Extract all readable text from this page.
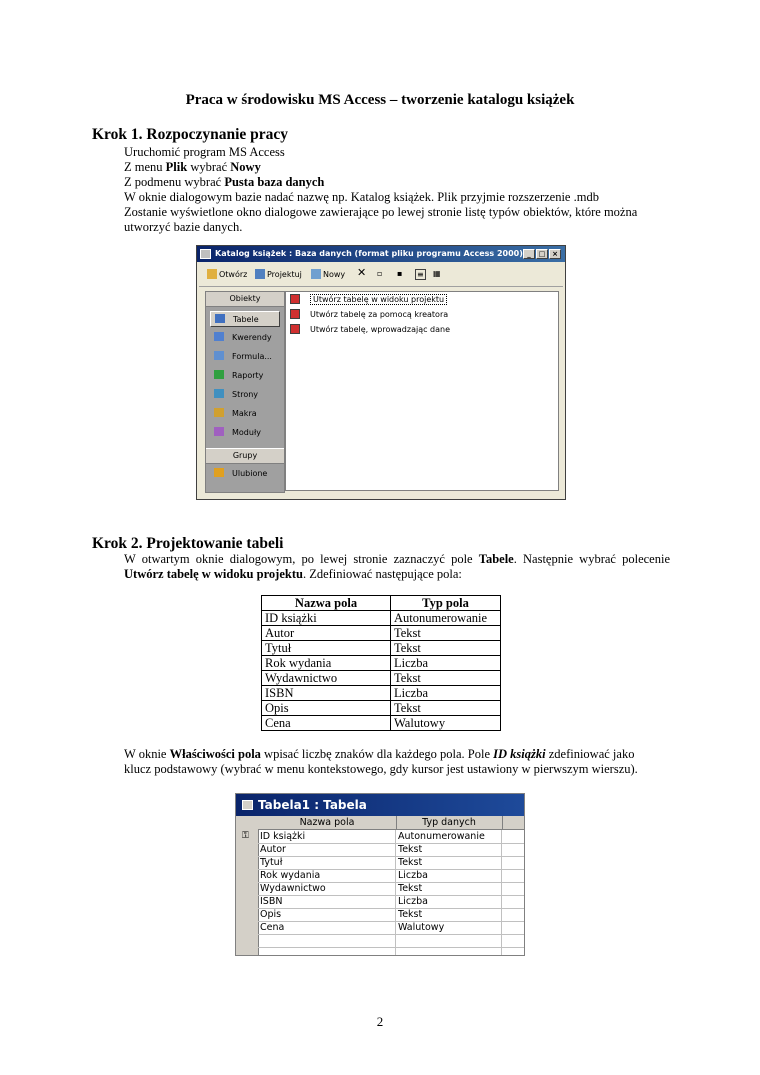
Praca w środowisku MS Access – tworzenie katalogu książek
Krok 1. Rozpoczynanie pracy
Uruchomić program MS Access
Z menu Plik wybrać Nowy
Z podmenu wybrać Pusta baza danych
W oknie dialogowym bazie nadać nazwę np. Katalog książek. Plik przyjmie rozszerzenie .mdb
Zostanie wyświetlone okno dialogowe zawierające po lewej stronie listę typów obiektów, które można
utworzyć bazie danych.
Katalog książek : Baza danych (format pliku programu Access 2000) _	□ ×
Otwórz	Projektuj	Nowy ✕ ▫ ▪ ≡ ▦
Obiekty
Tabele
Kwerendy
Formula...
Raporty
Strony
Makra
Moduły
Grupy
Ulubione
Utwórz tabelę w widoku projektu
Utwórz tabelę za pomocą kreatora
Utwórz tabelę, wprowadzając dane
Krok 2. Projektowanie tabeli
W otwartym oknie dialogowym, po lewej stronie zaznaczyć pole Tabele. Następnie wybrać polecenie
Utwórz tabelę w widoku projektu. Zdefiniować następujące pola:
Nazwa pola	Typ pola
ID książki	Autonumerowanie
Autor	Tekst
Tytuł	Tekst
Rok wydania	Liczba
Wydawnictwo	Tekst
ISBN	Liczba
Opis	Tekst
Cena	Walutowy
W oknie Właściwości pola wpisać liczbę znaków dla każdego pola. Pole ID książki zdefiniować jako
klucz podstawowy (wybrać w menu kontekstowego, gdy kursor jest ustawiony w pierwszym wierszu).
Tabela1 : Tabela
Nazwa pola	Typ danych
⚿ ID książki	Autonumerowanie
Autor	Tekst
Tytuł	Tekst
Rok wydania	Liczba
Wydawnictwo	Tekst
ISBN	Liczba
Opis	Tekst
Cena	Walutowy
2
